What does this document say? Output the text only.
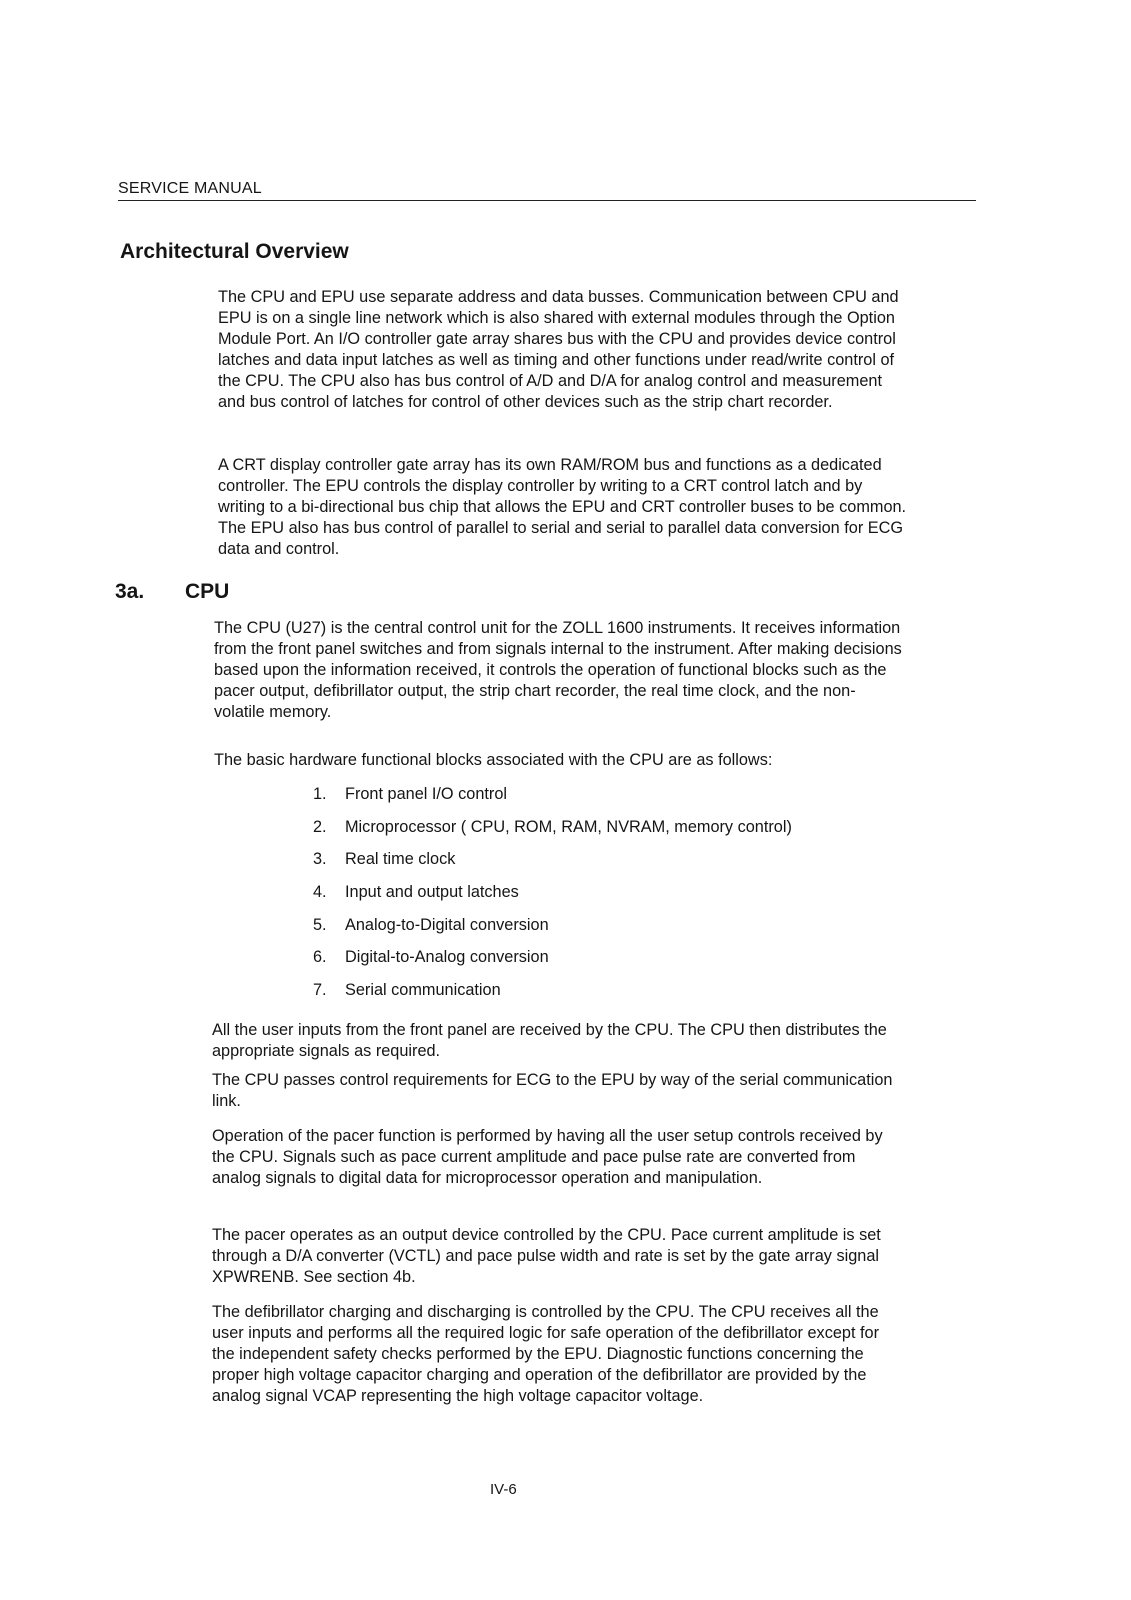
SERVICE MANUAL
Architectural Overview

The CPU and EPU use separate address and data busses. Communication between CPU and EPU is on a single line network which is also shared with external modules through the Option Module Port. An I/O controller gate array shares bus with the CPU and provides device control latches and data input latches as well as timing and other functions under read/write control of the CPU. The CPU also has bus control of A/D and D/A for analog control and measurement and bus control of latches for control of other devices such as the strip chart recorder.

A CRT display controller gate array has its own RAM/ROM bus and functions as a dedicated controller. The EPU controls the display controller by writing to a CRT control latch and by writing to a bi-directional bus chip that allows the EPU and CRT controller buses to be common. The EPU also has bus control of parallel to serial and serial to parallel data conversion for ECG data and control.

3a.	CPU

The CPU (U27) is the central control unit for the ZOLL 1600 instruments. It receives information from the front panel switches and from signals internal to the instrument. After making decisions based upon the information received, it controls the operation of functional blocks such as the pacer output, defibrillator output, the strip chart recorder, the real time clock, and the non-volatile memory.

The basic hardware functional blocks associated with the CPU are as follows:

1.	Front panel I/O control
2.	Microprocessor ( CPU, ROM, RAM, NVRAM, memory control)
3.	Real time clock
4.	Input and output latches
5.	Analog-to-Digital conversion
6.	Digital-to-Analog conversion
7.	Serial communication

All the user inputs from the front panel are received by the CPU. The CPU then distributes the appropriate signals as required.

The CPU passes control requirements for ECG to the EPU by way of the serial communication link.

Operation of the pacer function is performed by having all the user setup controls received by the CPU. Signals such as pace current amplitude and pace pulse rate are converted from analog signals to digital data for microprocessor operation and manipulation.

The pacer operates as an output device controlled by the CPU. Pace current amplitude is set through a D/A converter (VCTL) and pace pulse width and rate is set by the gate array signal XPWRENB. See section 4b.

The defibrillator charging and discharging is controlled by the CPU. The CPU receives all the user inputs and performs all the required logic for safe operation of the defibrillator except for the independent safety checks performed by the EPU. Diagnostic functions concerning the proper high voltage capacitor charging and operation of the defibrillator are provided by the analog signal VCAP representing the high voltage capacitor voltage.

IV-6
